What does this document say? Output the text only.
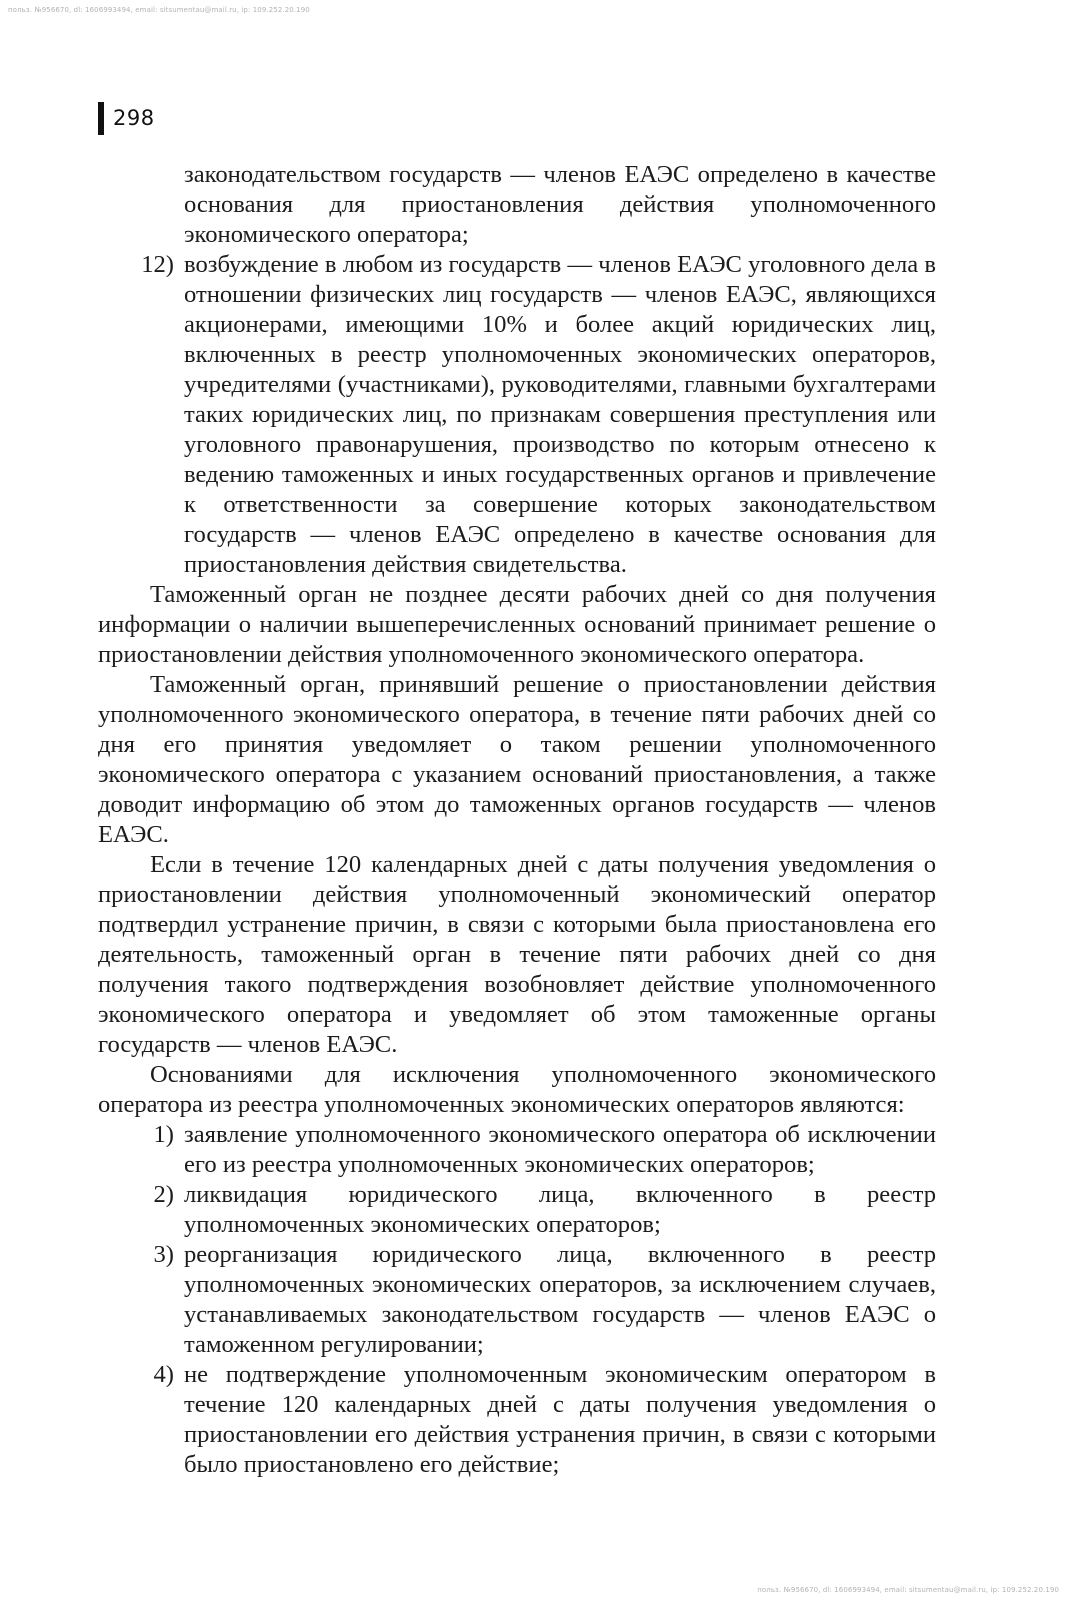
польз. №956670, dl: 1606993494, email: sitsumentau@mail.ru, ip: 109.252.20.190
298

законодательством государств — членов ЕАЭС определено в качестве основания для приостановления действия уполномоченного экономического оператора;

12) возбуждение в любом из государств — членов ЕАЭС уголовного дела в отношении физических лиц государств — членов ЕАЭС, являющихся акционерами, имеющими 10% и более акций юридических лиц, включенных в реестр уполномоченных экономических операторов, учредителями (участниками), руководителями, главными бухгалтерами таких юридических лиц, по признакам совершения преступления или уголовного правонарушения, производство по которым отнесено к ведению таможенных и иных государственных органов и привлечение к ответственности за совершение которых законодательством государств — членов ЕАЭС определено в качестве основания для приостановления действия свидетельства.

Таможенный орган не позднее десяти рабочих дней со дня получения информации о наличии вышеперечисленных оснований принимает решение о приостановлении действия уполномоченного экономического оператора.

Таможенный орган, принявший решение о приостановлении действия уполномоченного экономического оператора, в течение пяти рабочих дней со дня его принятия уведомляет о таком решении уполномоченного экономического оператора с указанием оснований приостановления, а также доводит информацию об этом до таможенных органов государств — членов ЕАЭС.

Если в течение 120 календарных дней с даты получения уведомления о приостановлении действия уполномоченный экономический оператор подтвердил устранение причин, в связи с которыми была приостановлена его деятельность, таможенный орган в течение пяти рабочих дней со дня получения такого подтверждения возобновляет действие уполномоченного экономического оператора и уведомляет об этом таможенные органы государств — членов ЕАЭС.

Основаниями для исключения уполномоченного экономического оператора из реестра уполномоченных экономических операторов являются:

1) заявление уполномоченного экономического оператора об исключении его из реестра уполномоченных экономических операторов;
2) ликвидация юридического лица, включенного в реестр уполномоченных экономических операторов;
3) реорганизация юридического лица, включенного в реестр уполномоченных экономических операторов, за исключением случаев, устанавливаемых законодательством государств — членов ЕАЭС о таможенном регулировании;
4) не подтверждение уполномоченным экономическим оператором в течение 120 календарных дней с даты получения уведомления о приостановлении его действия устранения причин, в связи с которыми было приостановлено его действие;
польз. №956670, dl: 1606993494, email: sitsumentau@mail.ru, ip: 109.252.20.190
